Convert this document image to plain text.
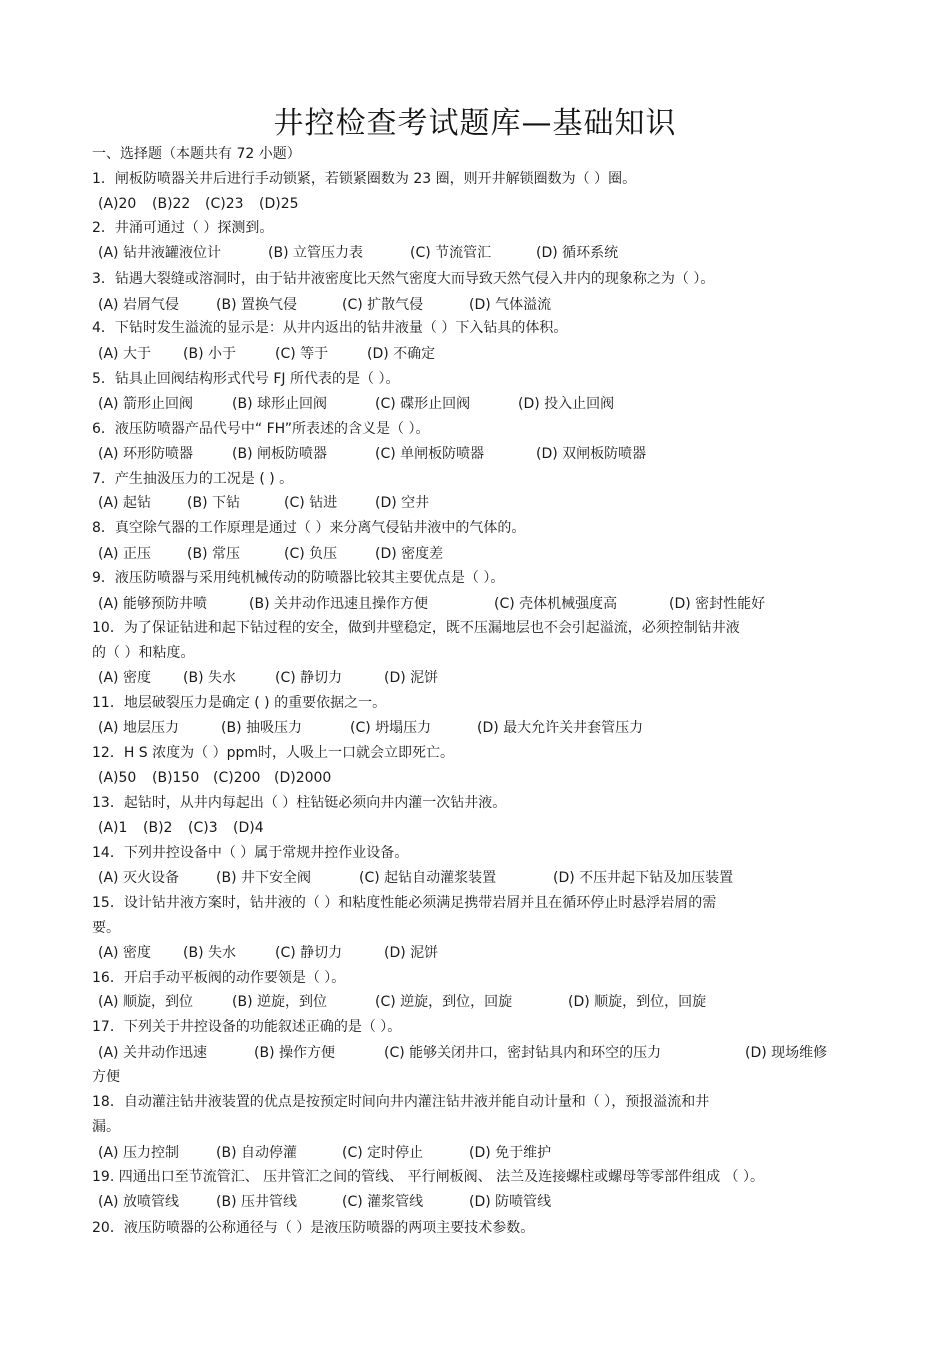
井控检查考试题库—基础知识
一、选择题（本题共有 72 小题）
1．闸板防喷器关井后进行手动锁紧，若锁紧圈数为 23 圈，则开井解锁圈数为（ ）圈。
(A)20 (B)22 (C)23 (D)25
2．井涌可通过（ ）探测到。
(A) 钻井液罐液位计	(B) 立管压力表	(C) 节流管汇	(D) 循环系统
3．钻遇大裂缝或溶洞时，由于钻井液密度比天然气密度大而导致天然气侵入井内的现象称之为（ ）。
(A) 岩屑气侵	(B) 置换气侵	(C) 扩散气侵	(D) 气体溢流
4．下钻时发生溢流的显示是：从井内返出的钻井液量（ ）下入钻具的体积。
(A) 大于 (B) 小于	(C) 等于	(D) 不确定
5．钻具止回阀结构形式代号 FJ 所代表的是（ ）。
(A) 箭形止回阀	(B) 球形止回阀	(C) 碟形止回阀	(D) 投入止回阀
6．液压防喷器产品代号中“ FH”所表述的含义是（ ）。
(A) 环形防喷器	(B) 闸板防喷器	(C) 单闸板防喷器	(D) 双闸板防喷器
7．产生抽汲压力的工况是 ( ) 。
(A) 起钻	(B) 下钻	(C) 钻进	(D) 空井
8．真空除气器的工作原理是通过（ ）来分离气侵钻井液中的气体的。
(A) 正压	(B) 常压	(C) 负压	(D) 密度差
9．液压防喷器与采用纯机械传动的防喷器比较其主要优点是（ ）。
(A) 能够预防井喷	(B) 关井动作迅速且操作方便	(C) 壳体机械强度高	(D) 密封性能好
10．为了保证钻进和起下钻过程的安全，做到井壁稳定，既不压漏地层也不会引起溢流，必须控制钻井液
的（ ）和粘度。
(A) 密度 (B) 失水	(C) 静切力	(D) 泥饼
11．地层破裂压力是确定 ( ) 的重要依据之一。
(A) 地层压力	(B) 抽吸压力	(C) 坍塌压力	(D) 最大允许关井套管压力
12．H S 浓度为（ ）ppm时，人吸上一口就会立即死亡。
(A)50 (B)150 (C)200 (D)2000
13．起钻时，从井内每起出（ ）柱钻铤必须向井内灌一次钻井液。
(A)1 (B)2 (C)3 (D)4
14．下列井控设备中（ ）属于常规井控作业设备。
(A) 灭火设备	(B) 井下安全阀	(C) 起钻自动灌浆装置	(D) 不压井起下钻及加压装置
15．设计钻井液方案时，钻井液的（ ）和粘度性能必须满足携带岩屑并且在循环停止时悬浮岩屑的需
要。
(A) 密度 (B) 失水	(C) 静切力	(D) 泥饼
16．开启手动平板阀的动作要领是（ ）。
(A) 顺旋，到位	(B) 逆旋，到位	(C) 逆旋，到位，回旋	(D) 顺旋，到位，回旋
17．下列关于井控设备的功能叙述正确的是（ ）。
(A) 关井动作迅速	(B) 操作方便	(C) 能够关闭井口，密封钻具内和环空的压力	(D) 现场维修
方便
18．自动灌注钻井液装置的优点是按预定时间向井内灌注钻井液并能自动计量和（ ），预报溢流和井
漏。
(A) 压力控制	(B) 自动停灌	(C) 定时停止	(D) 免于维护
19. 四通出口至节流管汇、 压井管汇之间的管线、 平行闸板阀、 法兰及连接螺柱或螺母等零部件组成 （ ）。
(A) 放喷管线	(B) 压井管线	(C) 灌浆管线	(D) 防喷管线
20．液压防喷器的公称通径与（ ）是液压防喷器的两项主要技术参数。
